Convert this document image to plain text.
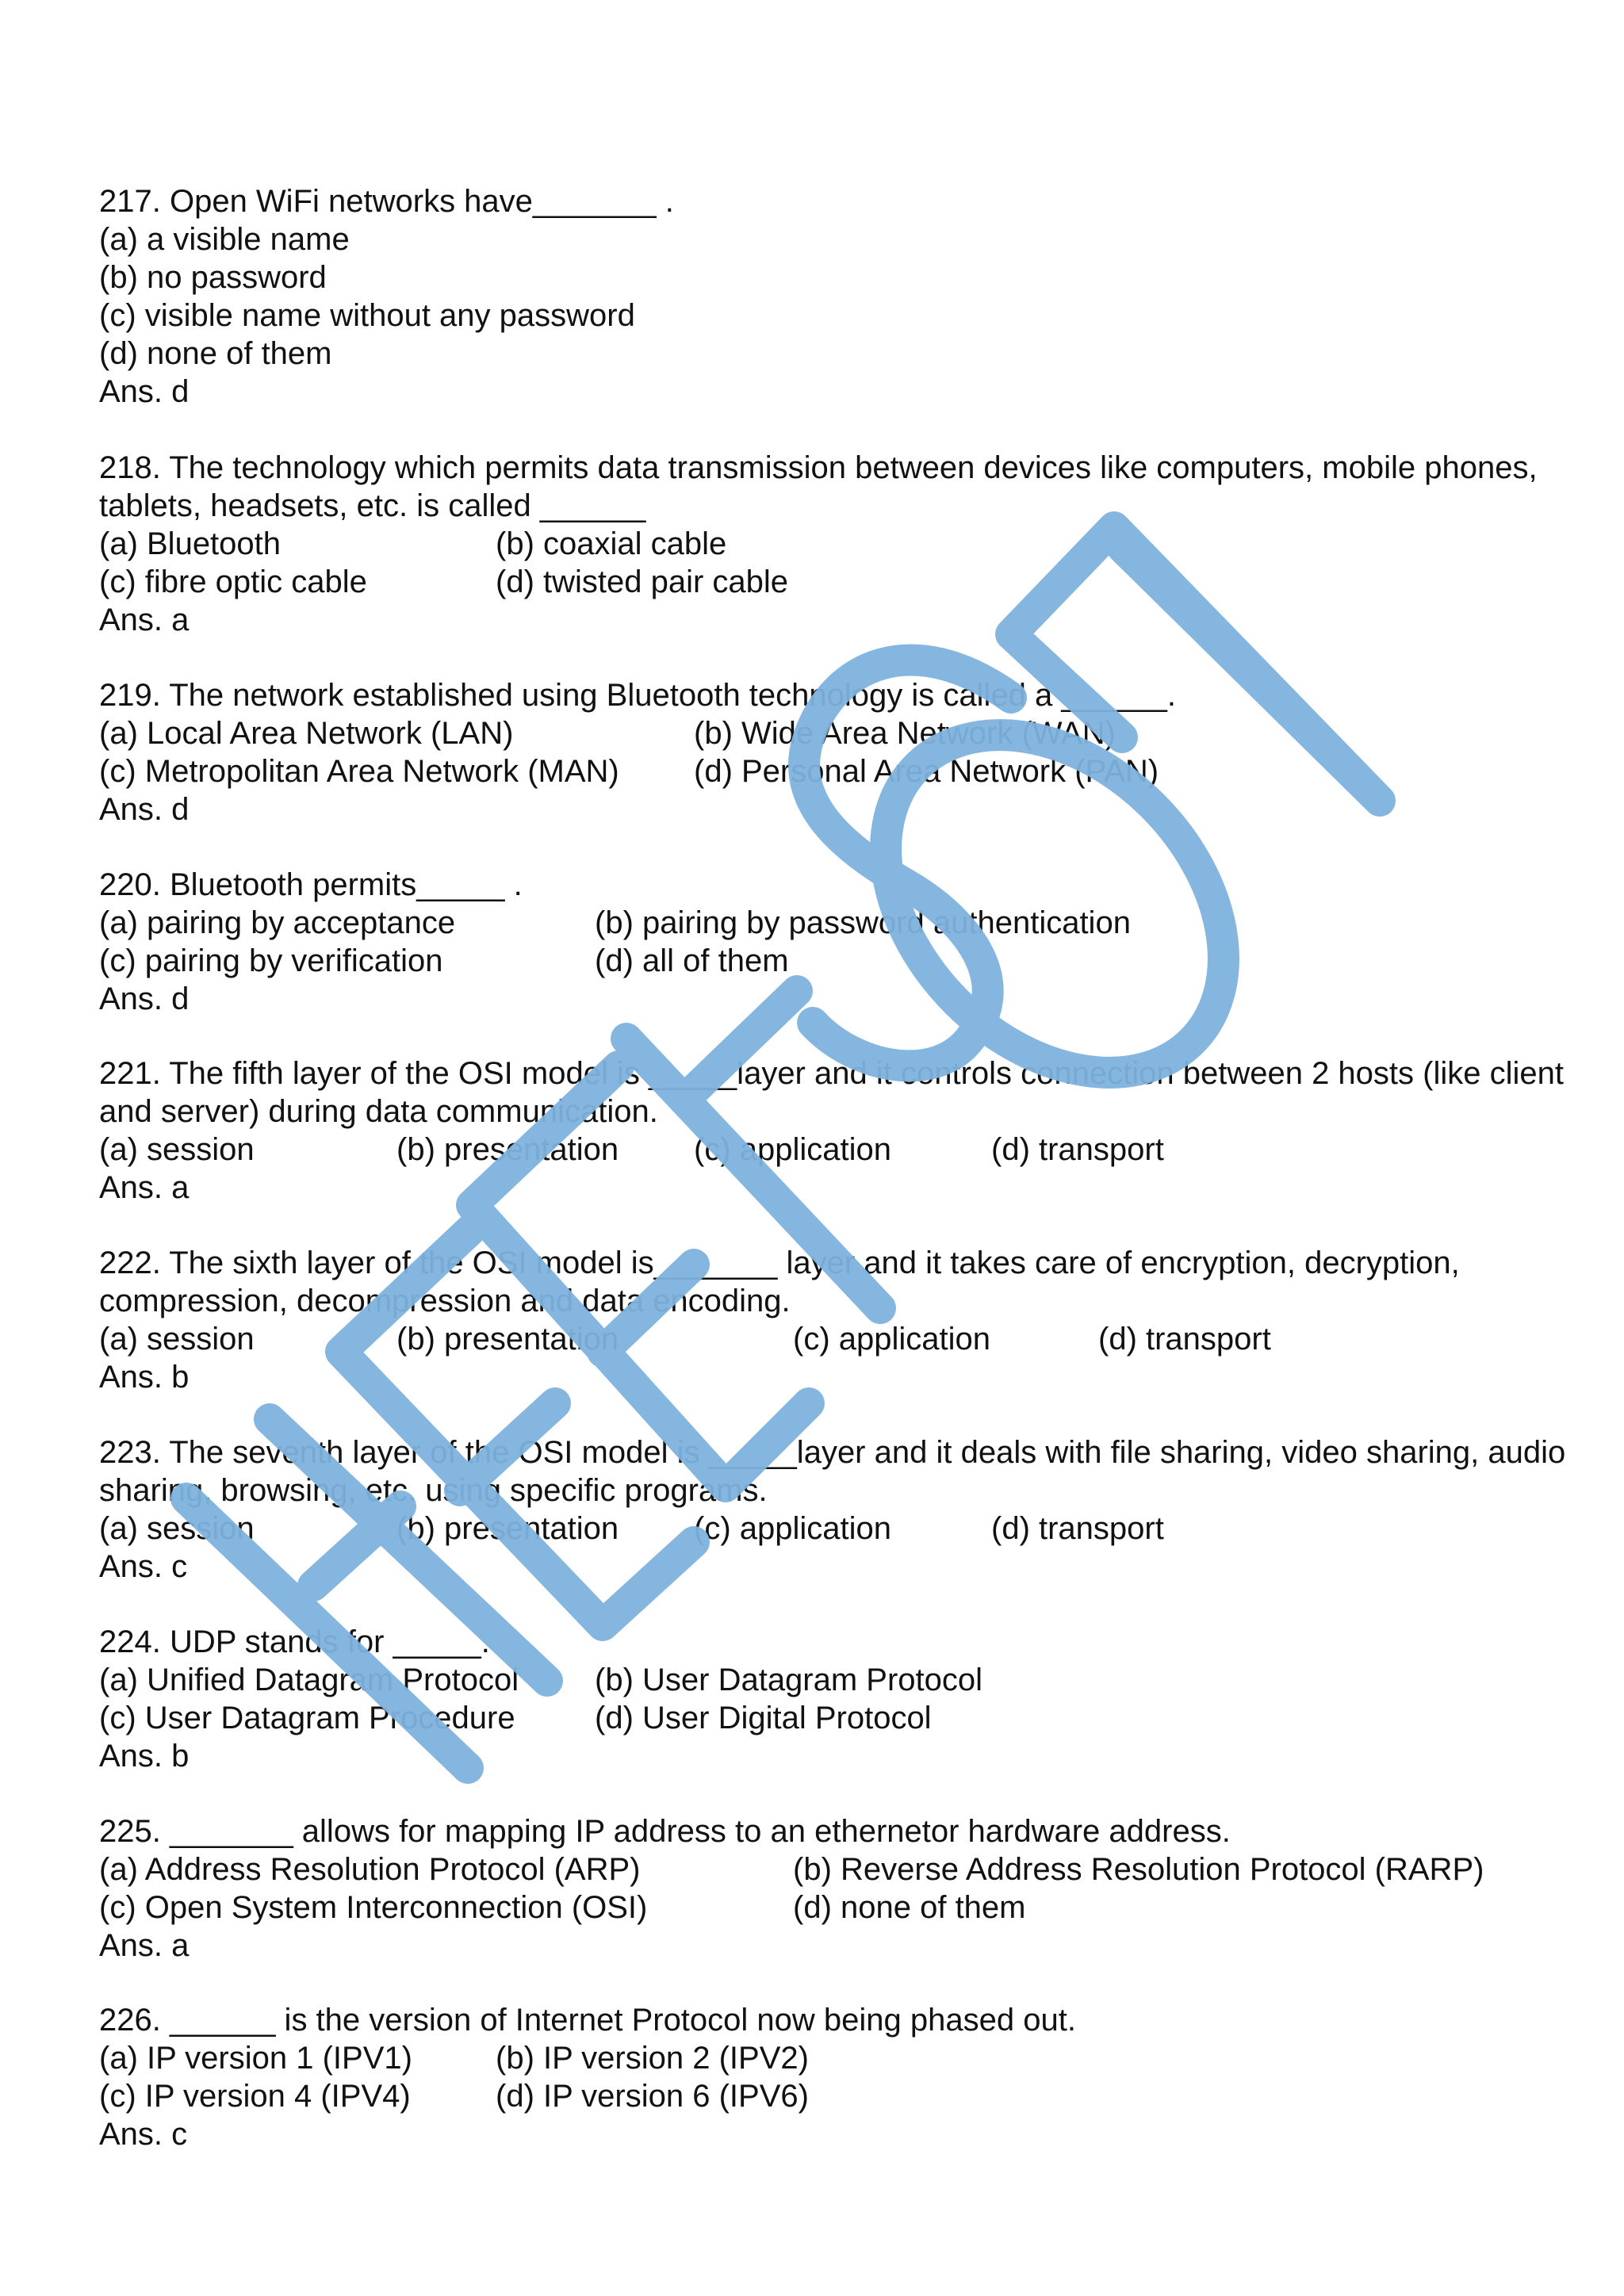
217. Open WiFi networks have_______ .
(a) a visible name
(b) no password
(c) visible name without any password
(d) none of them
Ans. d
218. The technology which permits data transmission between devices like computers, mobile phones, tablets, headsets, etc. is called ______
(a) Bluetooth	(b) coaxial cable
(c) fibre optic cable	(d) twisted pair cable
Ans. a
219. The network established using Bluetooth technology is called a ______.
(a) Local Area Network (LAN)	(b) Wide Area Network (WAN)
(c) Metropolitan Area Network (MAN) (d) Personal Area Network (PAN)
Ans. d
220. Bluetooth permits_____ .
(a) pairing by acceptance	(b) pairing by password authentication
(c) pairing by verification	(d) all of them
Ans. d
221. The fifth layer of the OSI model is _____layer and it controls connection between 2 hosts (like client and server) during data communication.
(a) session	(b) presentation (c) application	(d) transport
Ans. a
222. The sixth layer of the OSI model is_______ layer and it takes care of encryption, decryption, compression, decompression and data encoding.
(a) session	(b) presentation	(c) application	(d) transport
Ans. b
223. The seventh layer of the OSI model is _____layer and it deals with file sharing, video sharing, audio sharing, browsing, etc. using specific programs.
(a) session	(b) presentation (c) application	(d) transport
Ans. c
224. UDP stands for _____.
(a) Unified Datagram Protocol (b) User Datagram Protocol
(c) User Datagram Procedure	(d) User Digital Protocol
Ans. b
225. _______ allows for mapping IP address to an ethernetor hardware address.
(a) Address Resolution Protocol (ARP)	(b) Reverse Address Resolution Protocol (RARP)
(c) Open System Interconnection (OSI)	(d) none of them
Ans. a
226. ______ is the version of Internet Protocol now being phased out.
(a) IP version 1 (IPV1)	(b) IP version 2 (IPV2)
(c) IP version 4 (IPV4)	(d) IP version 6 (IPV6)
Ans. c
